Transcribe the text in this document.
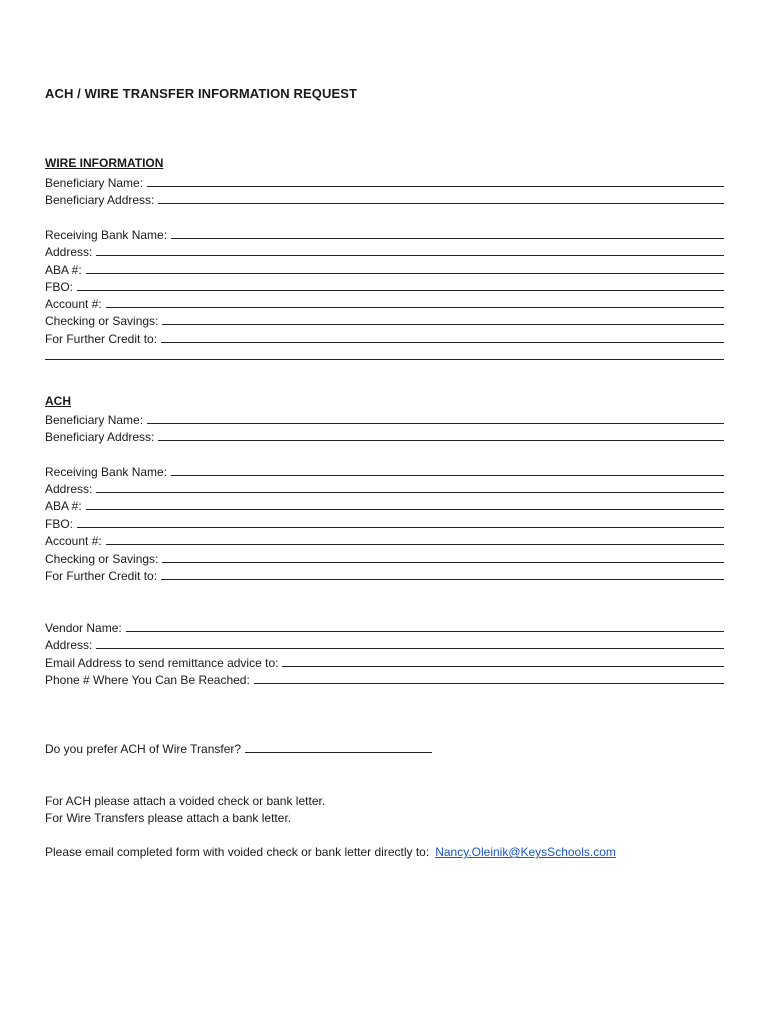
ACH / WIRE TRANSFER INFORMATION REQUEST
WIRE INFORMATION
Beneficiary Name:
Beneficiary Address:
Receiving Bank Name:
Address:
ABA #:
FBO:
Account #:
Checking or Savings:
For Further Credit to:
ACH
Beneficiary Name:
Beneficiary Address:
Receiving Bank Name:
Address:
ABA #:
FBO:
Account #:
Checking or Savings:
For Further Credit to:
Vendor Name:
Address:
Email Address to send remittance advice to:
Phone # Where You Can Be Reached:
Do you prefer ACH of Wire Transfer?
For ACH please attach a voided check or bank letter.
For Wire Transfers please attach a bank letter.
Please email completed form with voided check or bank letter directly to: Nancy.Oleinik@KeysSchools.com
